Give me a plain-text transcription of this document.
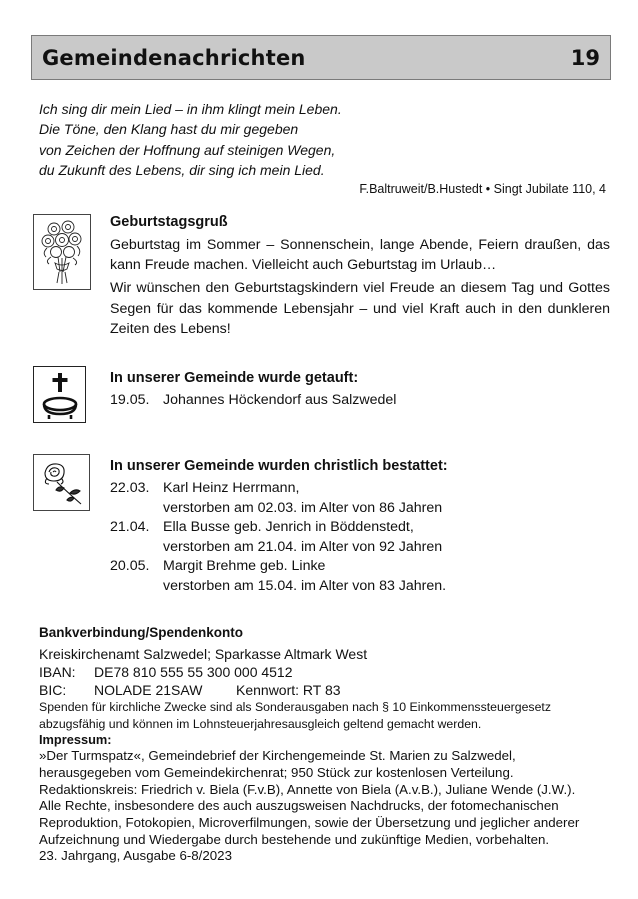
Gemeindenachrichten	19
Ich sing dir mein Lied – in ihm klingt mein Leben.
Die Töne, den Klang hast du mir gegeben
von Zeichen der Hoffnung auf steinigen Wegen,
du Zukunft des Lebens, dir sing ich mein Lied.
F.Baltruweit/B.Hustedt • Singt Jubilate 110, 4
Geburtstagsgruß

Geburtstag im Sommer – Sonnenschein, lange Abende, Feiern draußen, das kann Freude machen. Vielleicht auch Geburtstag im Urlaub…

Wir wünschen den Geburtstagskindern viel Freude an diesem Tag und Gottes Segen für das kommende Lebensjahr – und viel Kraft auch in den dunkleren Zeiten des Lebens!

In unserer Gemeinde wurde getauft:
19.05. Johannes Höckendorf aus Salzwedel
In unserer Gemeinde wurden christlich bestattet:
22.03. Karl Heinz Herrmann,
verstorben am 02.03. im Alter von 86 Jahren
21.04. Ella Busse geb. Jenrich in Böddenstedt,
verstorben am 21.04. im Alter von 92 Jahren
20.05. Margit Brehme geb. Linke
verstorben am 15.04. im Alter von 83 Jahren.
Bankverbindung/Spendenkonto
Kreiskirchenamt Salzwedel; Sparkasse Altmark West
IBAN:	DE78 810 555 55 300 000 4512
BIC:	NOLADE 21SAW	Kennwort: RT 83
Spenden für kirchliche Zwecke sind als Sonderausgaben nach § 10 Einkommenssteuergesetz abzugsfähig und können im Lohnsteuerjahresausgleich geltend gemacht werden.
Impressum:
»Der Turmspatz«, Gemeindebrief der Kirchengemeinde St. Marien zu Salzwedel,
herausgegeben vom Gemeindekirchenrat; 950 Stück zur kostenlosen Verteilung.
Redaktionskreis: Friedrich v. Biela (F.v.B), Annette von Biela (A.v.B.), Juliane Wende (J.W.).
Alle Rechte, insbesondere des auch auszugsweisen Nachdrucks, der fotomechanischen
Reproduktion, Fotokopien, Microverfilmungen, sowie der Übersetzung und jeglicher anderer
Aufzeichnung und Wiedergabe durch bestehende und zukünftige Medien, vorbehalten.
23. Jahrgang, Ausgabe 6-8/2023
